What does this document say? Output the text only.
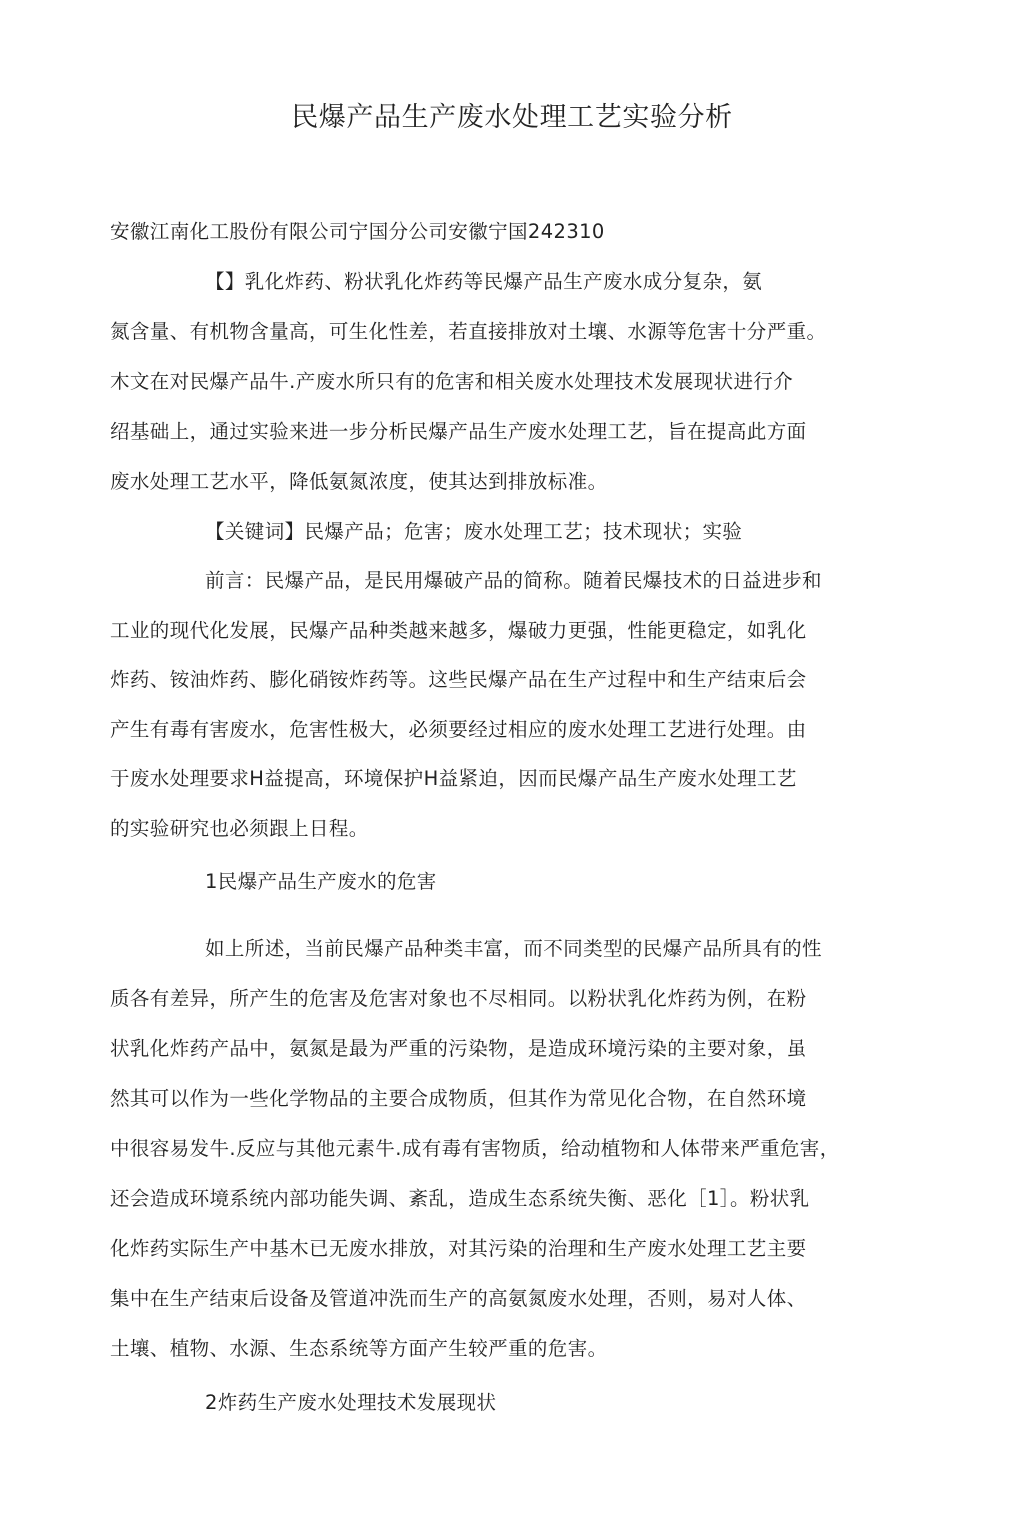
民爆产品生产废水处理工艺实验分析

安徽江南化工股份有限公司宁国分公司安徽宁国242310

【】乳化炸药、粉状乳化炸药等民爆产品生产废水成分复杂，氨

氮含量、有机物含量高，可生化性差，若直接排放对土壤、水源等危害十分严重。

木文在对民爆产品牛.产废水所只有的危害和相关废水处理技术发展现状进行介

绍基础上，通过实验来进一步分析民爆产品生产废水处理工艺，旨在提高此方面

废水处理工艺水平，降低氨氮浓度，使其达到排放标准。

【关键词】民爆产品；危害；废水处理工艺；技术现状；实验

前言：民爆产品，是民用爆破产品的简称。随着民爆技术的日益进步和

工业的现代化发展，民爆产品种类越来越多，爆破力更强，性能更稳定，如乳化

炸药、铵油炸药、膨化硝铵炸药等。这些民爆产品在生产过程中和生产结束后会

产生有毒有害废水，危害性极大，必须要经过相应的废水处理工艺进行处理。由

于废水处理要求H益提高，环境保护H益紧迫，因而民爆产品生产废水处理工艺

的实验研究也必须跟上日程。

1民爆产品生产废水的危害

如上所述，当前民爆产品种类丰富，而不同类型的民爆产品所具有的性

质各有差异，所产生的危害及危害对象也不尽相同。以粉状乳化炸药为例，在粉

状乳化炸药产品中，氨氮是最为严重的污染物，是造成环境污染的主要对象，虽

然其可以作为一些化学物品的主要合成物质，但其作为常见化合物，在自然环境

中很容易发牛.反应与其他元素牛.成有毒有害物质，给动植物和人体带来严重危害，

还会造成环境系统内部功能失调、紊乱，造成生态系统失衡、恶化［1］。粉状乳

化炸药实际生产中基木已无废水排放，对其污染的治理和生产废水处理工艺主要

集中在生产结束后设备及管道冲洗而生产的高氨氮废水处理，否则，易对人体、

土壤、植物、水源、生态系统等方面产生较严重的危害。

2炸药生产废水处理技术发展现状
